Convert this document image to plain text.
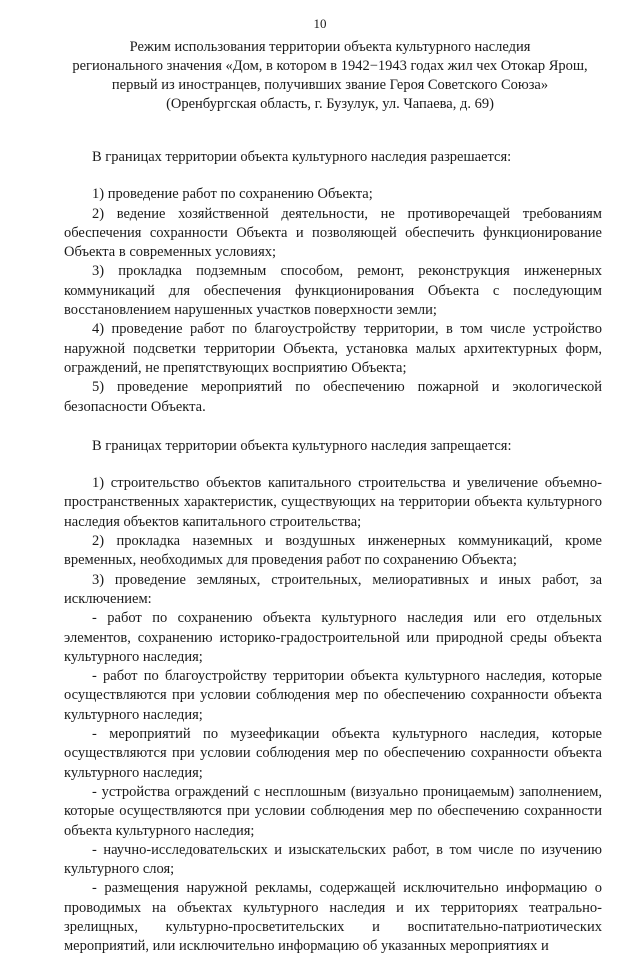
10
Режим использования территории объекта культурного наследия
регионального значения «Дом, в котором в 1942−1943 годах жил чех Отокар Ярош,
первый из иностранцев, получивших звание Героя Советского Союза»
(Оренбургская область, г. Бузулук, ул. Чапаева, д. 69)

В границах территории объекта культурного наследия разрешается:

1) проведение работ по сохранению Объекта;

2) ведение хозяйственной деятельности, не противоречащей требованиям обеспечения сохранности Объекта и позволяющей обеспечить функционирование Объекта в современных условиях;

3) прокладка подземным способом, ремонт, реконструкция инженерных коммуникаций для обеспечения функционирования Объекта с последующим восстановлением нарушенных участков поверхности земли;

4) проведение работ по благоустройству территории, в том числе устройство наружной подсветки территории Объекта, установка малых архитектурных форм, ограждений, не препятствующих восприятию Объекта;

5) проведение мероприятий по обеспечению пожарной и экологической безопасности Объекта.

В границах территории объекта культурного наследия запрещается:

1) строительство объектов капитального строительства и увеличение объемно-пространственных характеристик, существующих на территории объекта культурного наследия объектов капитального строительства;

2) прокладка наземных и воздушных инженерных коммуникаций, кроме временных, необходимых для проведения работ по сохранению Объекта;

3) проведение земляных, строительных, мелиоративных и иных работ, за исключением:

- работ по сохранению объекта культурного наследия или его отдельных элементов, сохранению историко-градостроительной или природной среды объекта культурного наследия;

- работ по благоустройству территории объекта культурного наследия, которые осуществляются при условии соблюдения мер по обеспечению сохранности объекта культурного наследия;

- мероприятий по музеефикации объекта культурного наследия, которые осуществляются при условии соблюдения мер по обеспечению сохранности объекта культурного наследия;

- устройства ограждений с несплошным (визуально проницаемым) заполнением, которые осуществляются при условии соблюдения мер по обеспечению сохранности объекта культурного наследия;

- научно-исследовательских и изыскательских работ, в том числе по изучению культурного слоя;

- размещения наружной рекламы, содержащей исключительно информацию о проводимых на объектах культурного наследия и их территориях театрально-зрелищных, культурно-просветительских и воспитательно-патриотических мероприятий, или исключительно информацию об указанных мероприятиях и
